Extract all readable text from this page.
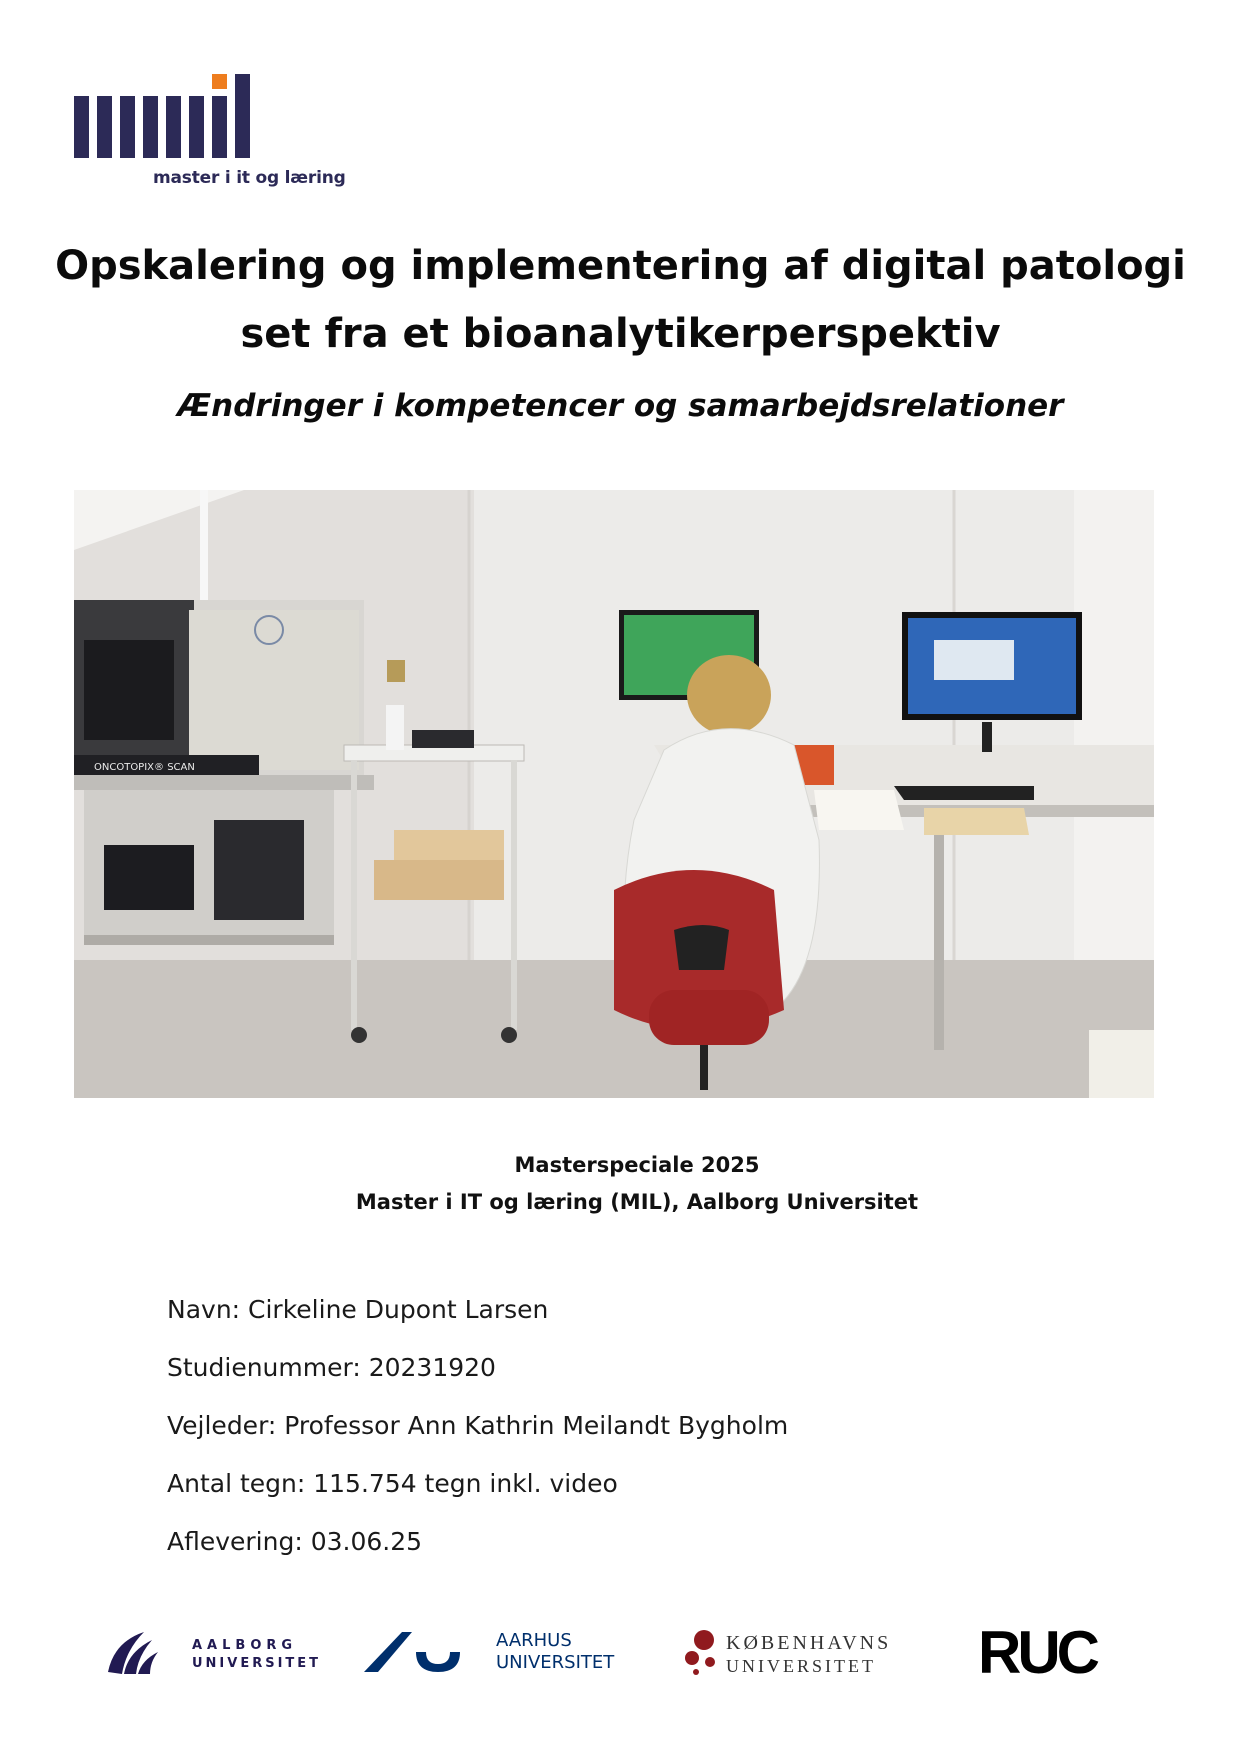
master i it og læring
Opskalering og implementering af digital patologi
set fra et bioanalytikerperspektiv
Ændringer i kompetencer og samarbejdsrelationer
ONCOTOPIX® SCAN
Masterspeciale 2025
Master i IT og læring (MIL), Aalborg Universitet
Navn: Cirkeline Dupont Larsen
Studienummer: 20231920
Vejleder: Professor Ann Kathrin Meilandt Bygholm
Antal tegn: 115.754 tegn inkl. video
Aflevering: 03.06.25
AALBORG
UNIVERSITET
AARHUS
UNIVERSITET
KØBENHAVNS
UNIVERSITET RUC
